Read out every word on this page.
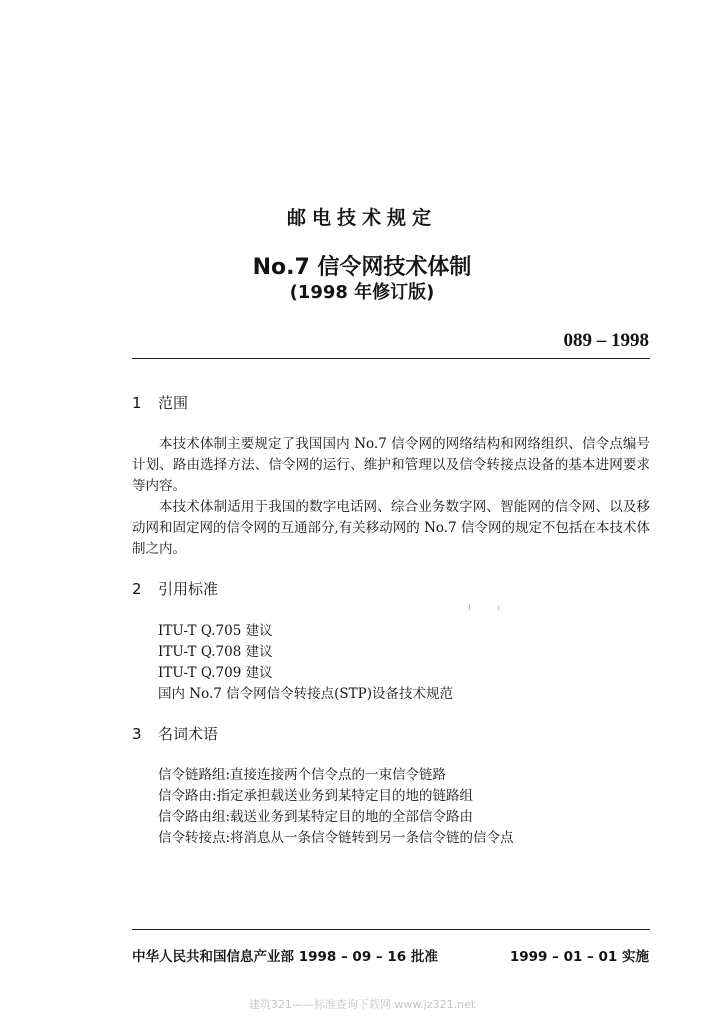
邮电技术规定
No.7 信令网技术体制
(1998 年修订版)
089 – 1998
1 范围
本技术体制主要规定了我国国内 No.7 信令网的网络结构和网络组织、信令点编号计划、路由选择方法、信令网的运行、维护和管理以及信令转接点设备的基本进网要求等内容。
本技术体制适用于我国的数字电话网、综合业务数字网、智能网的信令网、以及移动网和固定网的信令网的互通部分,有关移动网的 No.7 信令网的规定不包括在本技术体制之内。
2 引用标准
ITU-T Q.705 建议
ITU-T Q.708 建议
ITU-T Q.709 建议
国内 No.7 信令网信令转接点(STP)设备技术规范
3 名词术语
信令链路组:直接连接两个信令点的一束信令链路
信令路由:指定承担载送业务到某特定目的地的链路组
信令路由组:载送业务到某特定目的地的全部信令路由
信令转接点:将消息从一条信令链转到另一条信令链的信令点
中华人民共和国信息产业部 1998 – 09 – 16 批准	1999 – 01 – 01 实施
建筑321——标准查询下载网 www.jz321.net
